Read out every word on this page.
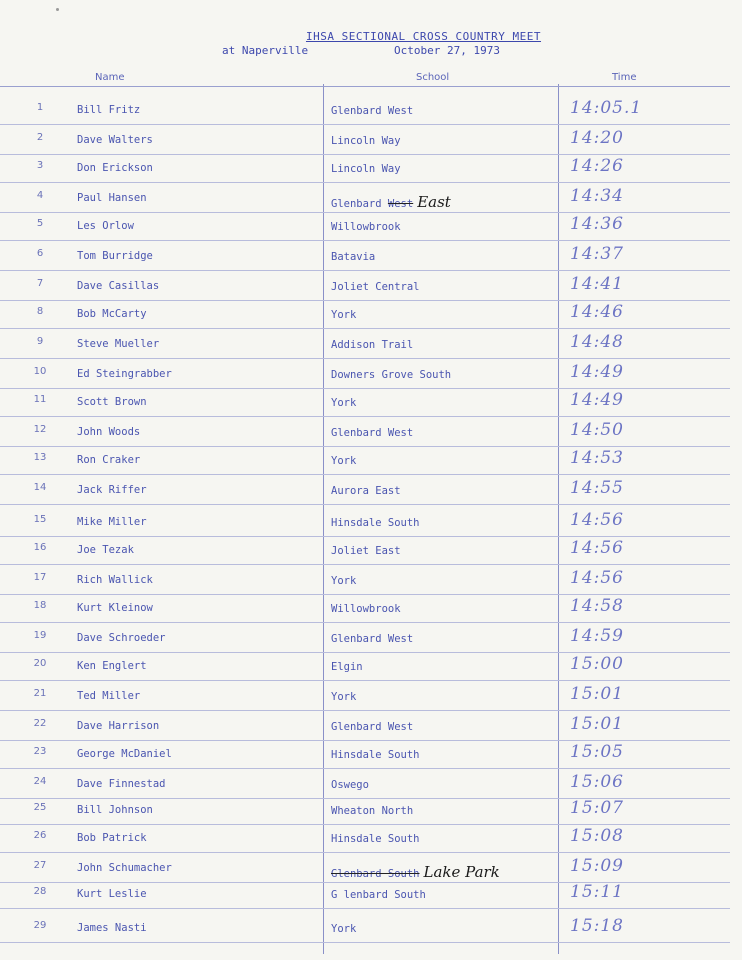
IHSA SECTIONAL CROSS COUNTRY MEET
at Naperville	October 27, 1973
Name	School	Time
1	Bill Fritz	Glenbard West	14:05.1
2	Dave Walters	Lincoln Way	14:20
3	Don Erickson	Lincoln Way	14:26
4	Paul Hansen	Glenbard West East	14:34
5	Les Orlow	Willowbrook	14:36
6	Tom Burridge	Batavia	14:37
7	Dave Casillas	Joliet Central	14:41
8	Bob McCarty	York	14:46
9	Steve Mueller	Addison Trail	14:48
10	Ed Steingrabber	Downers Grove South	14:49
11	Scott Brown	York	14:49
12	John Woods	Glenbard West	14:50
13	Ron Craker	York	14:53
14	Jack Riffer	Aurora East	14:55
15	Mike Miller	Hinsdale South	14:56
16	Joe Tezak	Joliet East	14:56
17	Rich Wallick	York	14:56
18	Kurt Kleinow	Willowbrook	14:58
19	Dave Schroeder	Glenbard West	14:59
20	Ken Englert	Elgin	15:00
21	Ted Miller	York	15:01
22	Dave Harrison	Glenbard West	15:01
23	George McDaniel	Hinsdale South	15:05
24	Dave Finnestad	Oswego	15:06
25	Bill Johnson	Wheaton North	15:07
26	Bob Patrick	Hinsdale South	15:08
27	John Schumacher	Glenbard South Lake Park	15:09
28	Kurt Leslie	G lenbard South	15:11
29	James Nasti	York	15:18
